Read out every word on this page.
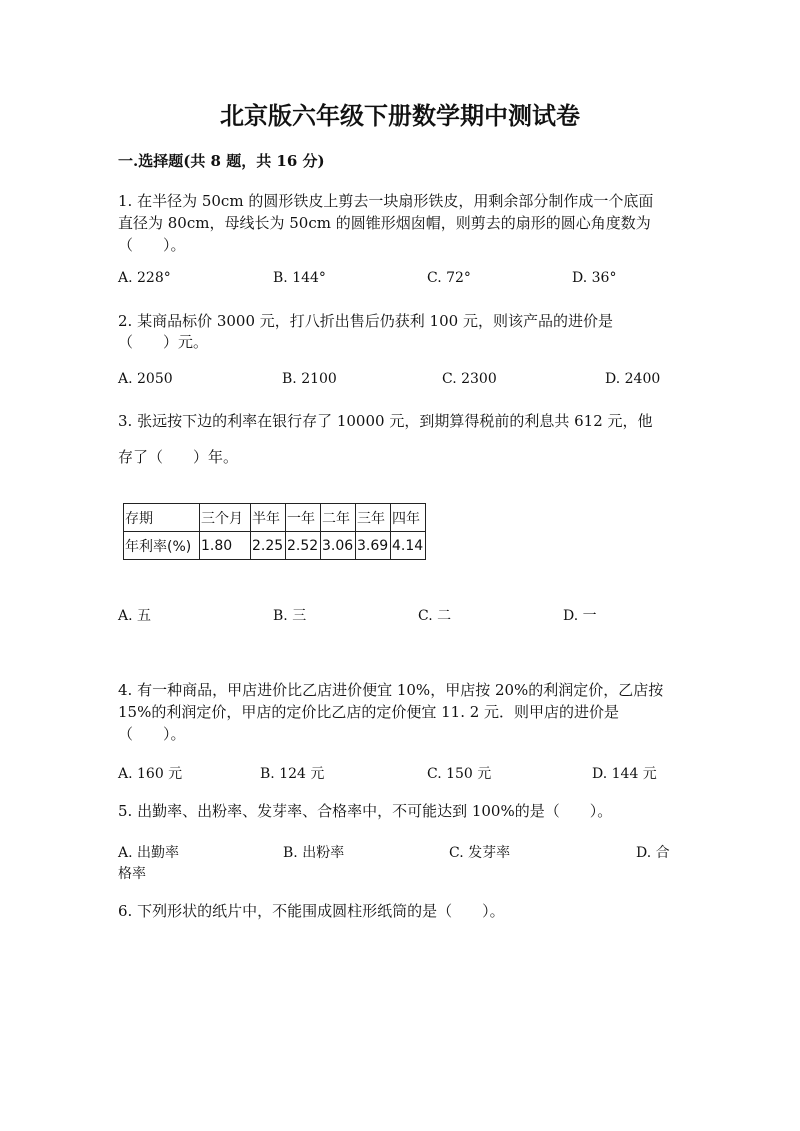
北京版六年级下册数学期中测试卷
一.选择题(共 8 题，共 16 分)
1. 在半径为 50cm 的圆形铁皮上剪去一块扇形铁皮，用剩余部分制作成一个底面
直径为 80cm，母线长为 50cm 的圆锥形烟囱帽，则剪去的扇形的圆心角度数为
（　　）。
A. 228°	B. 144°	C. 72°	D. 36°
2. 某商品标价 3000 元，打八折出售后仍获利 100 元，则该产品的进价是
（　　）元。
A. 2050	B. 2100	C. 2300	D. 2400
3. 张远按下边的利率在银行存了 10000 元，到期算得税前的利息共 612 元，他
存了（　　）年。
存期	三个月	半年	一年	二年	三年	四年
年利率(%)	1.80	2.25	2.52	3.06	3.69	4.14
A. 五	B. 三	C. 二	D. 一
4. 有一种商品，甲店进价比乙店进价便宜 10%，甲店按 20%的利润定价，乙店按
15%的利润定价，甲店的定价比乙店的定价便宜 11. 2 元．则甲店的进价是
（　　）。
A. 160 元	B. 124 元	C. 150 元	D. 144 元
5. 出勤率、出粉率、发芽率、合格率中，不可能达到 100%的是（　　）。
A. 出勤率	B. 出粉率	C. 发芽率	D. 合
格率
6. 下列形状的纸片中，不能围成圆柱形纸筒的是（　　）。
